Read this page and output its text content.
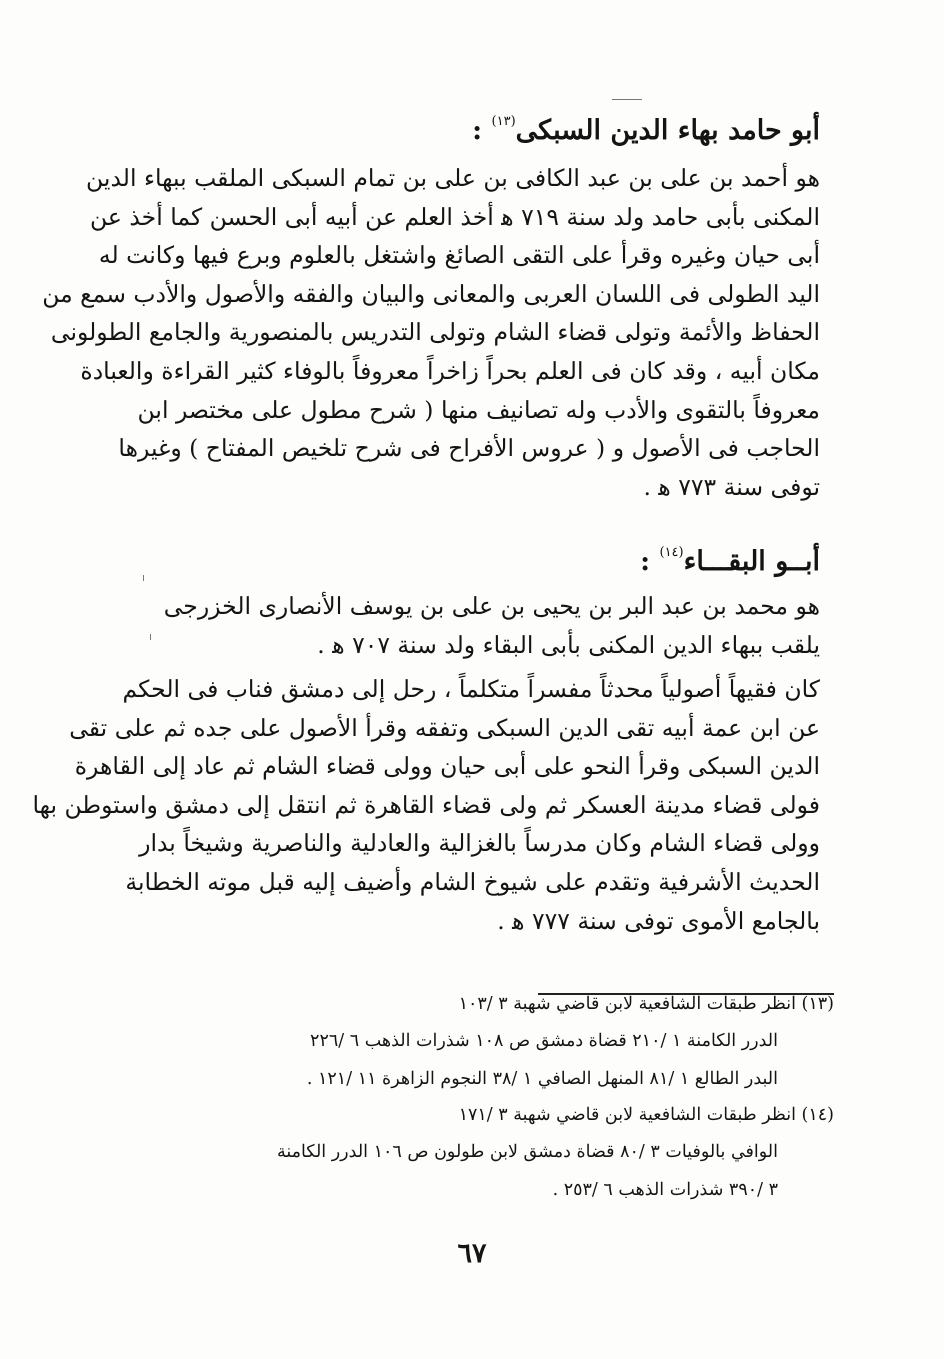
أبو حامد بهاء الدين السبكى$^{(١٣)}$ :
هو أحمد بن على بن عبد الكافى بن على بن تمام السبكى الملقب ببهاء الدين
المكنى بأبى حامد ولد سنة ٧١٩ ﻫ أخذ العلم عن أبيه أبى الحسن كما أخذ عن
أبى حيان وغيره وقرأ على التقى الصائغ واشتغل بالعلوم وبرع فيها وكانت له
اليد الطولى فى اللسان العربى والمعانى والبيان والفقه والأصول والأدب سمع من
الحفاظ والأئمة وتولى قضاء الشام وتولى التدريس بالمنصورية والجامع الطولونى
مكان أبيه ، وقد كان فى العلم بحراً زاخراً معروفاً بالوفاء كثير القراءة والعبادة
معروفاً بالتقوى والأدب وله تصانيف منها ( شرح مطول على مختصر ابن
الحاجب فى الأصول و ( عروس الأفراح فى شرح تلخيص المفتاح ) وغيرها
توفى سنة ٧٧٣ ﻫ .
أبــو البقـــاء$^{(١٤)}$ :
هو محمد بن عبد البر بن يحيى بن على بن يوسف الأنصارى الخزرجى
يلقب ببهاء الدين المكنى بأبى البقاء ولد سنة ٧٠٧ ﻫ .
كان فقيهاً أصولياً محدثاً مفسراً متكلماً ، رحل إلى دمشق فناب فى الحكم
عن ابن عمة أبيه تقى الدين السبكى وتفقه وقرأ الأصول على جده ثم على تقى
الدين السبكى وقرأ النحو على أبى حيان وولى قضاء الشام ثم عاد إلى القاهرة
فولى قضاء مدينة العسكر ثم ولى قضاء القاهرة ثم انتقل إلى دمشق واستوطن بها
وولى قضاء الشام وكان مدرساً بالغزالية والعادلية والناصرية وشيخاً بدار
الحديث الأشرفية وتقدم على شيوخ الشام وأضيف إليه قبل موته الخطابة
بالجامع الأموى توفى سنة ٧٧٧ ﻫ .
(١٣) انظر طبقات الشافعية لابن قاضي شهبة ٣ /١٠٣
الدرر الكامنة ١ /٢١٠ قضاة دمشق ص ١٠٨ شذرات الذهب ٦ /٢٢٦
البدر الطالع ١ /٨١ المنهل الصافي ١ /٣٨ النجوم الزاهرة ١١ /١٢١ .
(١٤) انظر طبقات الشافعية لابن قاضي شهبة ٣ /١٧١
الوافي بالوفيات ٣ /٨٠ قضاة دمشق لابن طولون ص ١٠٦ الدرر الكامنة
٣ /٣٩٠ شذرات الذهب ٦ /٢٥٣ .
٦٧
